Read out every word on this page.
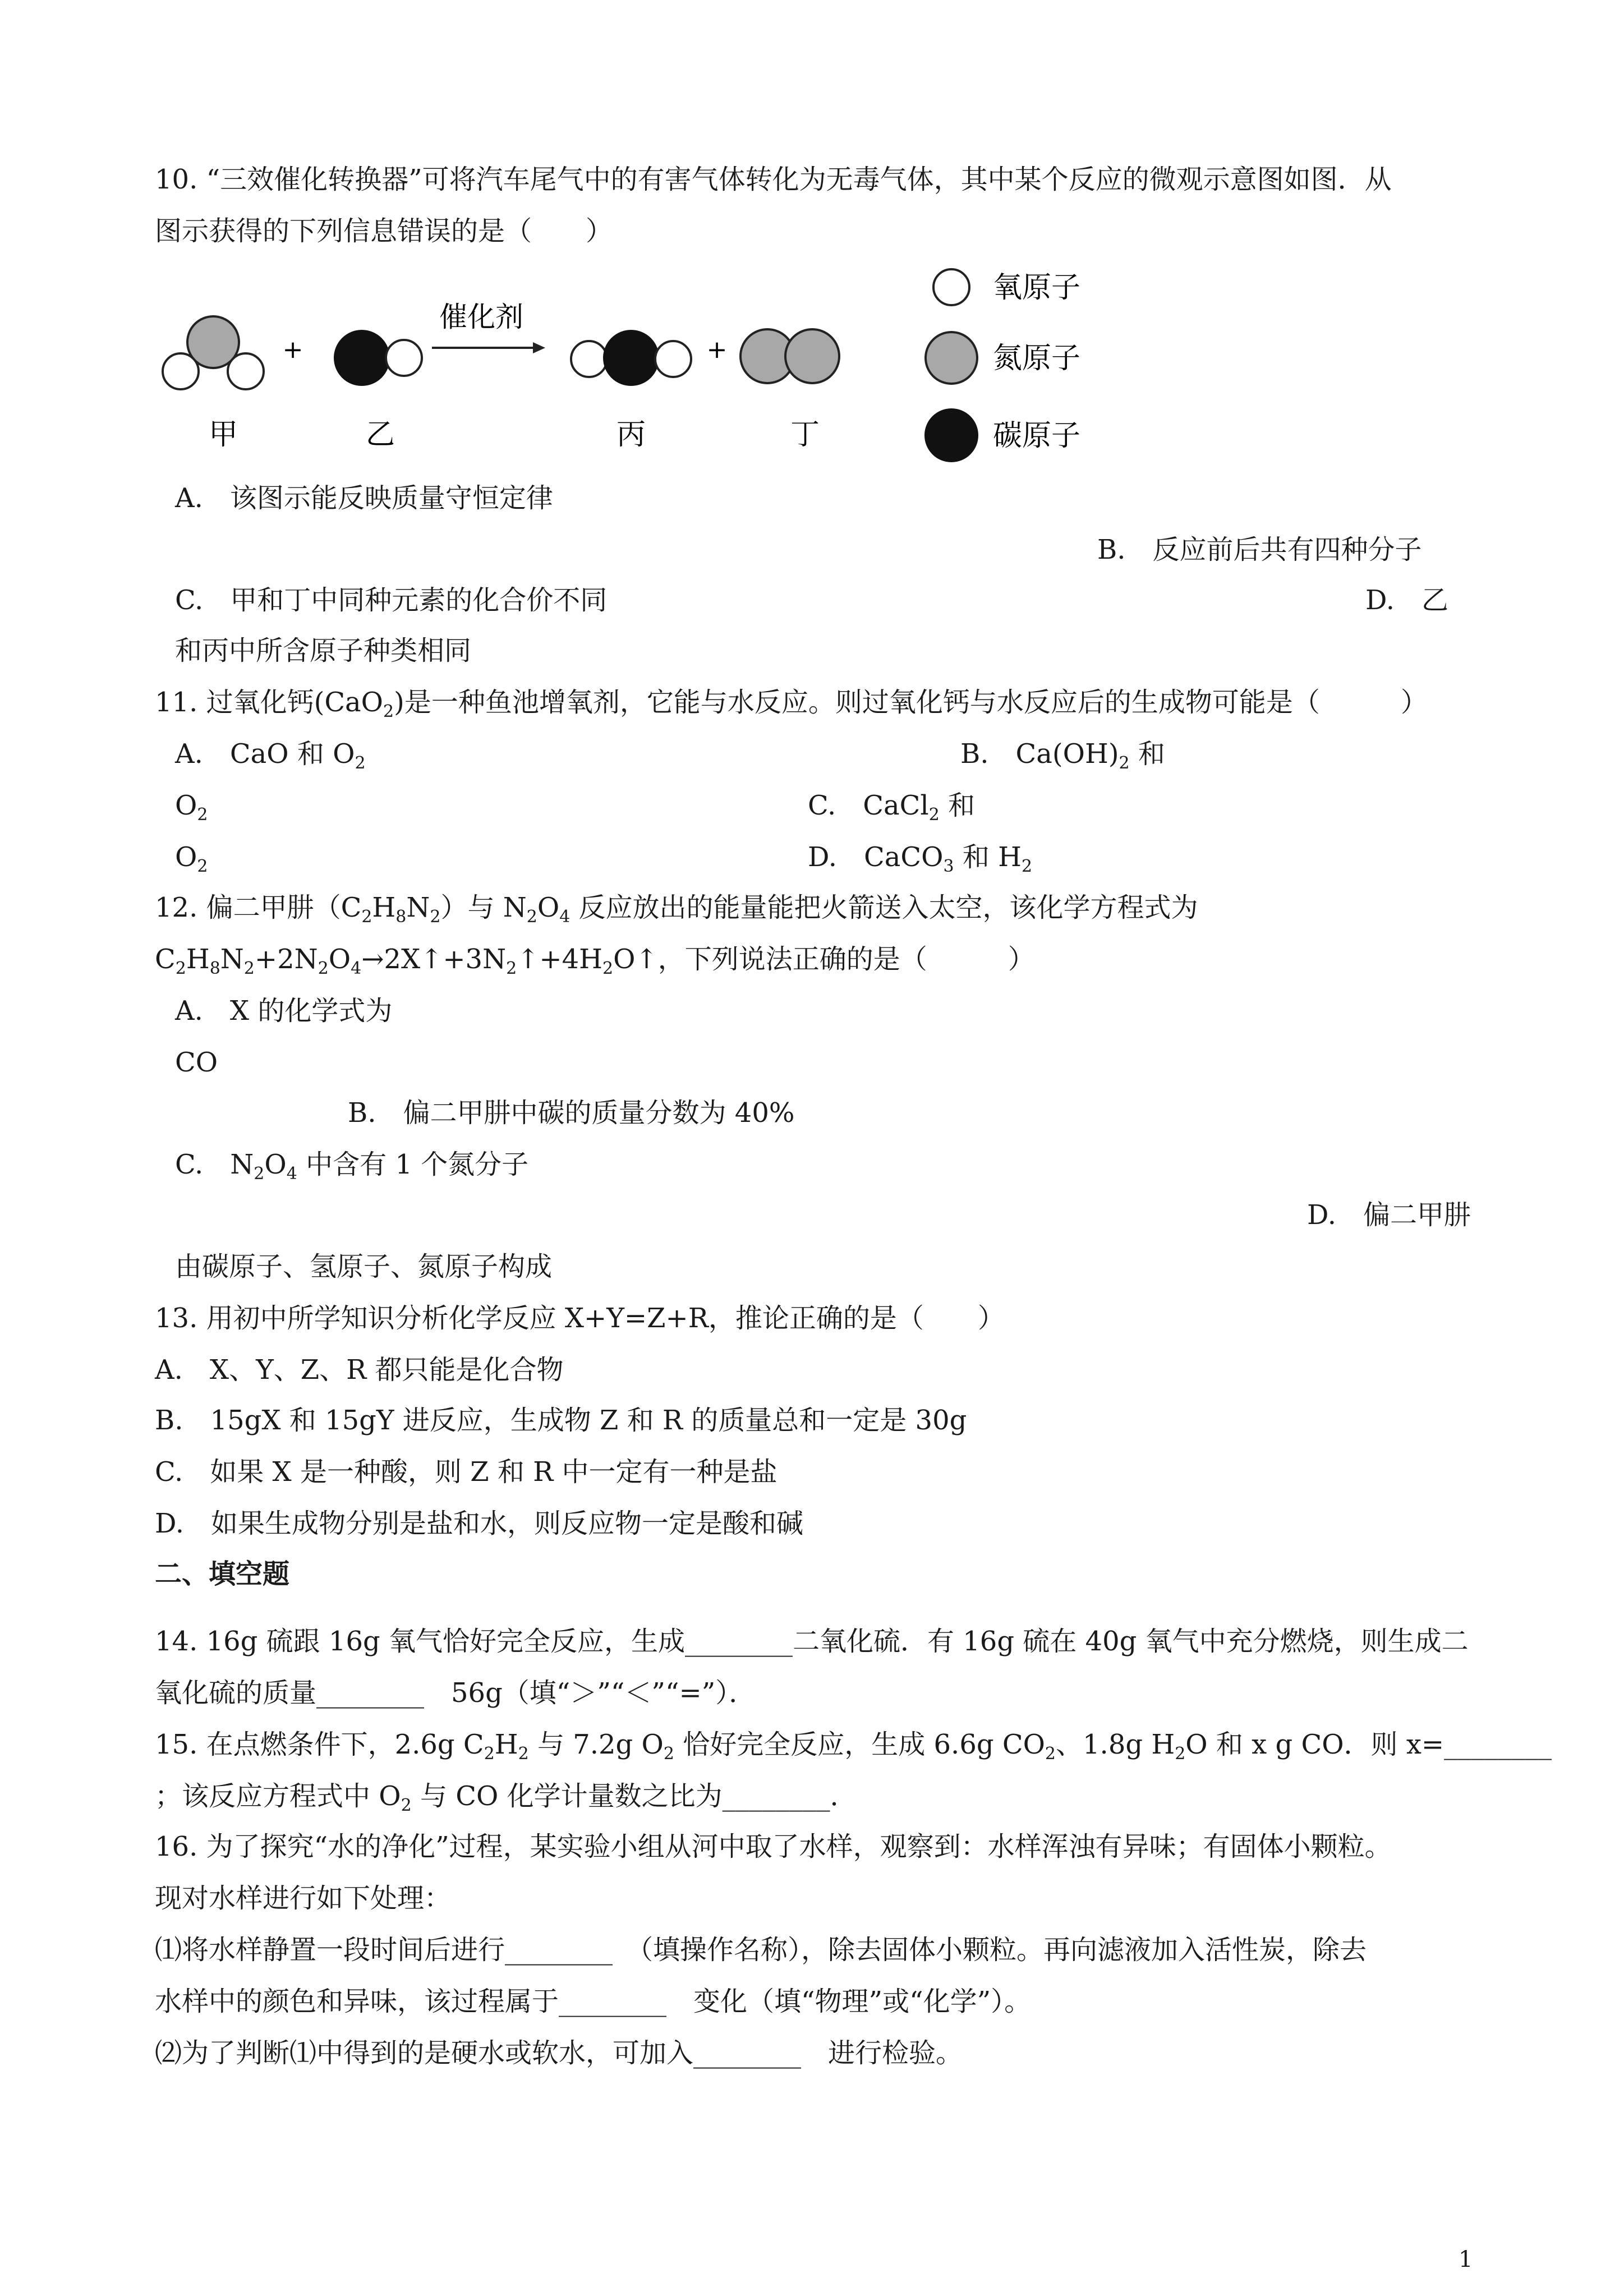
10. “三效催化转换器”可将汽车尾气中的有害气体转化为无毒气体，其中某个反应的微观示意图如图．从
图示获得的下列信息错误的是（　　）
+
催化剂
+
甲	乙	丙	丁
氧原子
氮原子
碳原子
A.　该图示能反映质量守恒定律
B.　反应前后共有四种分子
C.　甲和丁中同种元素的化合价不同	D.　乙
和丙中所含原子种类相同
11. 过氧化钙(CaO$_2$)是一种鱼池增氧剂，它能与水反应。则过氧化钙与水反应后的生成物可能是（　　　）
A.　CaO 和 $O_2$	B.　$Ca(OH)_2$ 和
$O_2$	C.　CaCl$_2$ 和
$O_2$	D.　CaCO$_3$ 和 $H_2$
12. 偏二甲肼$(C_2H_8N_2)$与 $N_2O_4$ 反应放出的能量能把火箭送入太空，该化学方程式为
$C_2H_8N_2+2N_2O_4\to 2X↑+3N_2↑+4H_2O↑$，下列说法正确的是（　　　）
A.　X 的化学式为
CO
B.　偏二甲肼中碳的质量分数为 40%
C.　$N_2O_4$ 中含有 1 个氮分子
D.　偏二甲肼
由碳原子、氢原子、氮原子构成
13. 用初中所学知识分析化学反应 X+Y=Z+R，推论正确的是（　　）
A.　X、Y、Z、R 都只能是化合物
B.　15gX 和 15gY 进反应，生成物 Z 和 R 的质量总和一定是 30g
C.　如果 X 是一种酸，则 Z 和 R 中一定有一种是盐
D.　如果生成物分别是盐和水，则反应物一定是酸和碱
二、填空题
14. 16g 硫跟 16g 氧气恰好完全反应，生成________二氧化硫．有 16g 硫在 40g 氧气中充分燃烧，则生成二
氧化硫的质量________　56g（填“＞”“＜”“=”）．
15. 在点燃条件下，2.6g $C_2H_2$ 与 7.2g $O_2$ 恰好完全反应，生成 6.6g $CO_2$、1.8g $H_2O$ 和 x g CO．则 x=________
；该反应方程式中 $O_2$ 与 CO 化学计量数之比为________．
16. 为了探究“水的净化”过程，某实验小组从河中取了水样，观察到：水样浑浊有异味；有固体小颗粒。
现对水样进行如下处理：
⑴将水样静置一段时间后进行________　（填操作名称），除去固体小颗粒。再向滤液加入活性炭，除去
水样中的颜色和异味，该过程属于________　变化（填“物理”或“化学”）。
⑵为了判断⑴中得到的是硬水或软水，可加入________　进行检验。
1
